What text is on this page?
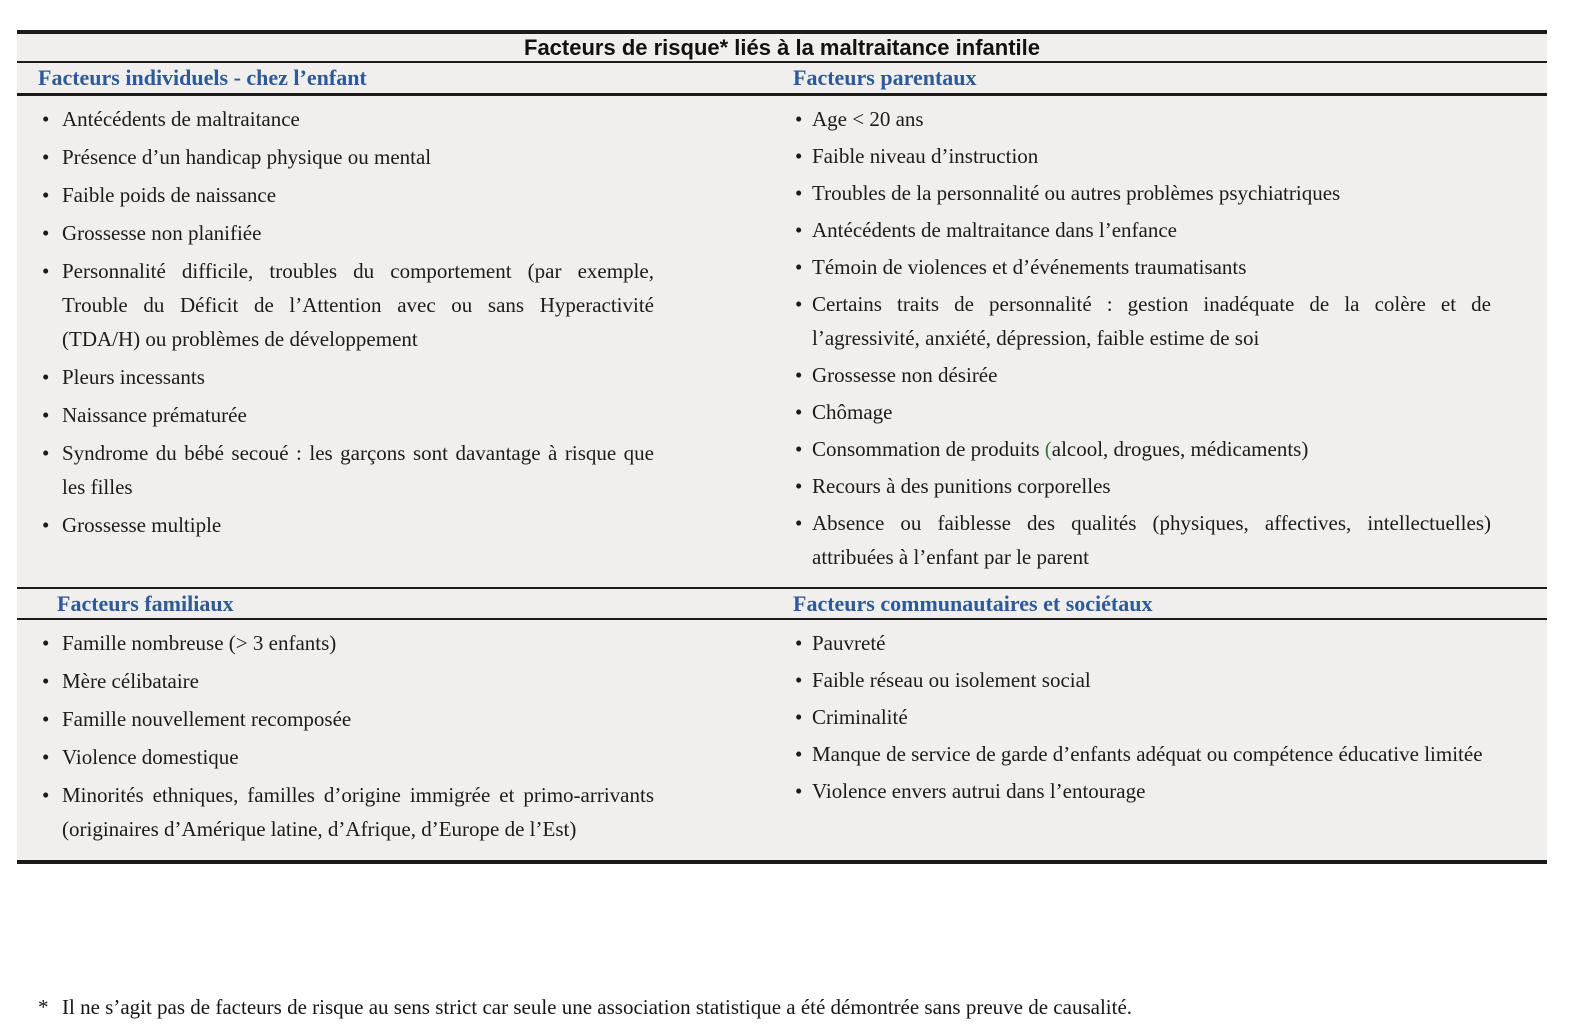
Facteurs de risque* liés à la maltraitance infantile
Facteurs individuels - chez l’enfant	Facteurs parentaux
• Antécédents de maltraitance
• Présence d’un handicap physique ou mental
• Faible poids de naissance
• Grossesse non planifiée
• Personnalité difficile, troubles du comportement (par exemple, Trouble du Déficit de l’Attention avec ou sans Hyperactivité (TDA/H) ou problèmes de développement
• Pleurs incessants
• Naissance prématurée
• Syndrome du bébé secoué : les garçons sont davantage à risque que les filles
• Grossesse multiple
• Age < 20 ans
• Faible niveau d’instruction
• Troubles de la personnalité ou autres problèmes psychiatriques
• Antécédents de maltraitance dans l’enfance
• Témoin de violences et d’événements traumatisants
• Certains traits de personnalité : gestion inadéquate de la colère et de l’agressivité, anxiété, dépression, faible estime de soi
• Grossesse non désirée
• Chômage
• Consommation de produits (alcool, drogues, médicaments)
• Recours à des punitions corporelles
• Absence ou faiblesse des qualités (physiques, affectives, intellectuelles) attribuées à l’enfant par le parent
Facteurs familiaux	Facteurs communautaires et sociétaux
• Famille nombreuse (> 3 enfants)
• Mère célibataire
• Famille nouvellement recomposée
• Violence domestique
• Minorités ethniques, familles d’origine immigrée et primo-arrivants (originaires d’Amérique latine, d’Afrique, d’Europe de l’Est)
• Pauvreté
• Faible réseau ou isolement social
• Criminalité
• Manque de service de garde d’enfants adéquat ou compétence éducative limitée
• Violence envers autrui dans l’entourage
* Il ne s’agit pas de facteurs de risque au sens strict car seule une association statistique a été démontrée sans preuve de causalité.
